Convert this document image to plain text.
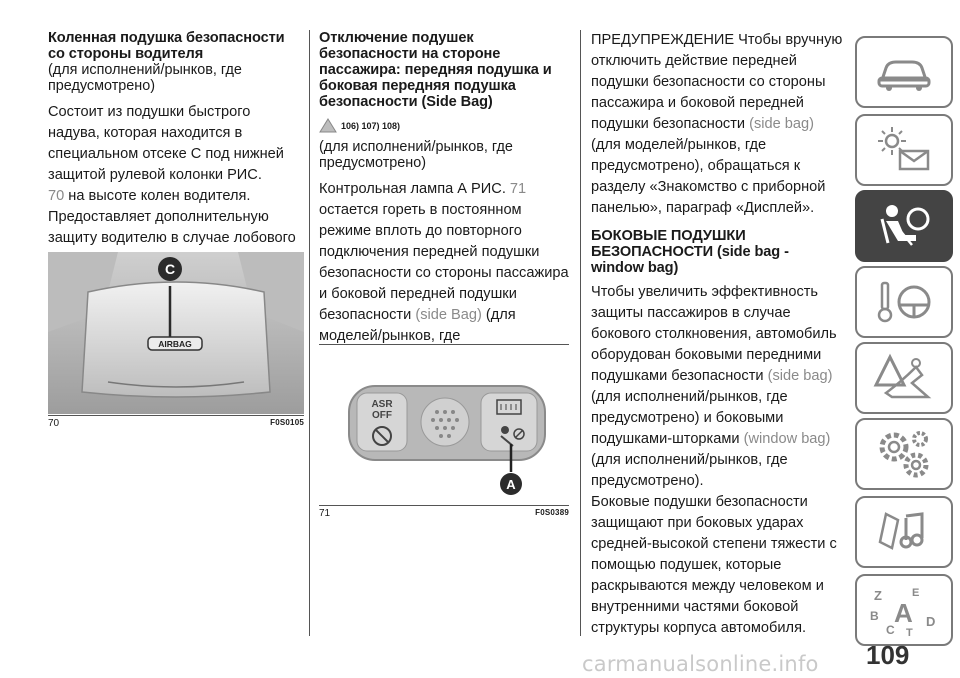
Коленная подушка безопасности со стороны водителя

(для исполнений/рынков, где предусмотрено)

Состоит из подушки быстрого надува, которая находится в специальном отсеке С под нижней защитой рулевой колонки РИС.
70 на высоте колен водителя. Предоставляет дополнительную защиту водителю в случае лобового

AIRBAG
C
70	F0S0105
Отключение подушек безопасности на стороне пассажира: передняя подушка и боковая передняя подушка безопасности (Side Bag)
106) 107) 108)

(для исполнений/рынков, где предусмотрено)

Контрольная лампа А РИС. 71 остается гореть в постоянном режиме вплоть до повторного подключения передней подушки безопасности со стороны пассажира и боковой передней подушки безопасности (side Bag) (для моделей/рынков, где

ASR
OFF
A
71	F0S0389

ПРЕДУПРЕЖДЕНИЕ Чтобы вручную отключить действие передней подушки безопасности со стороны пассажира и боковой передней подушки безопасности (side bag) (для моделей/рынков, где предусмотрено), обращаться к разделу «Знакомство с приборной панелью», параграф «Дисплей».

БОКОВЫЕ ПОДУШКИ БЕЗОПАСНОСТИ (side bag - window bag)

Чтобы увеличить эффективность защиты пассажиров в случае бокового столкновения, автомобиль оборудован боковыми передними подушками безопасности (side bag) (для исполнений/рынков, где предусмотрено) и боковыми подушками-шторками (window bag) (для исполнений/рынков, где предусмотрено).

Боковые подушки безопасности защищают при боковых ударах средней-высокой степени тяжести с помощью подушек, которые раскрываются между человеком и внутренними частями боковой структуры корпуса автомобиля.

Z	E
B A
C T
D
109
carmanualsonline.info
